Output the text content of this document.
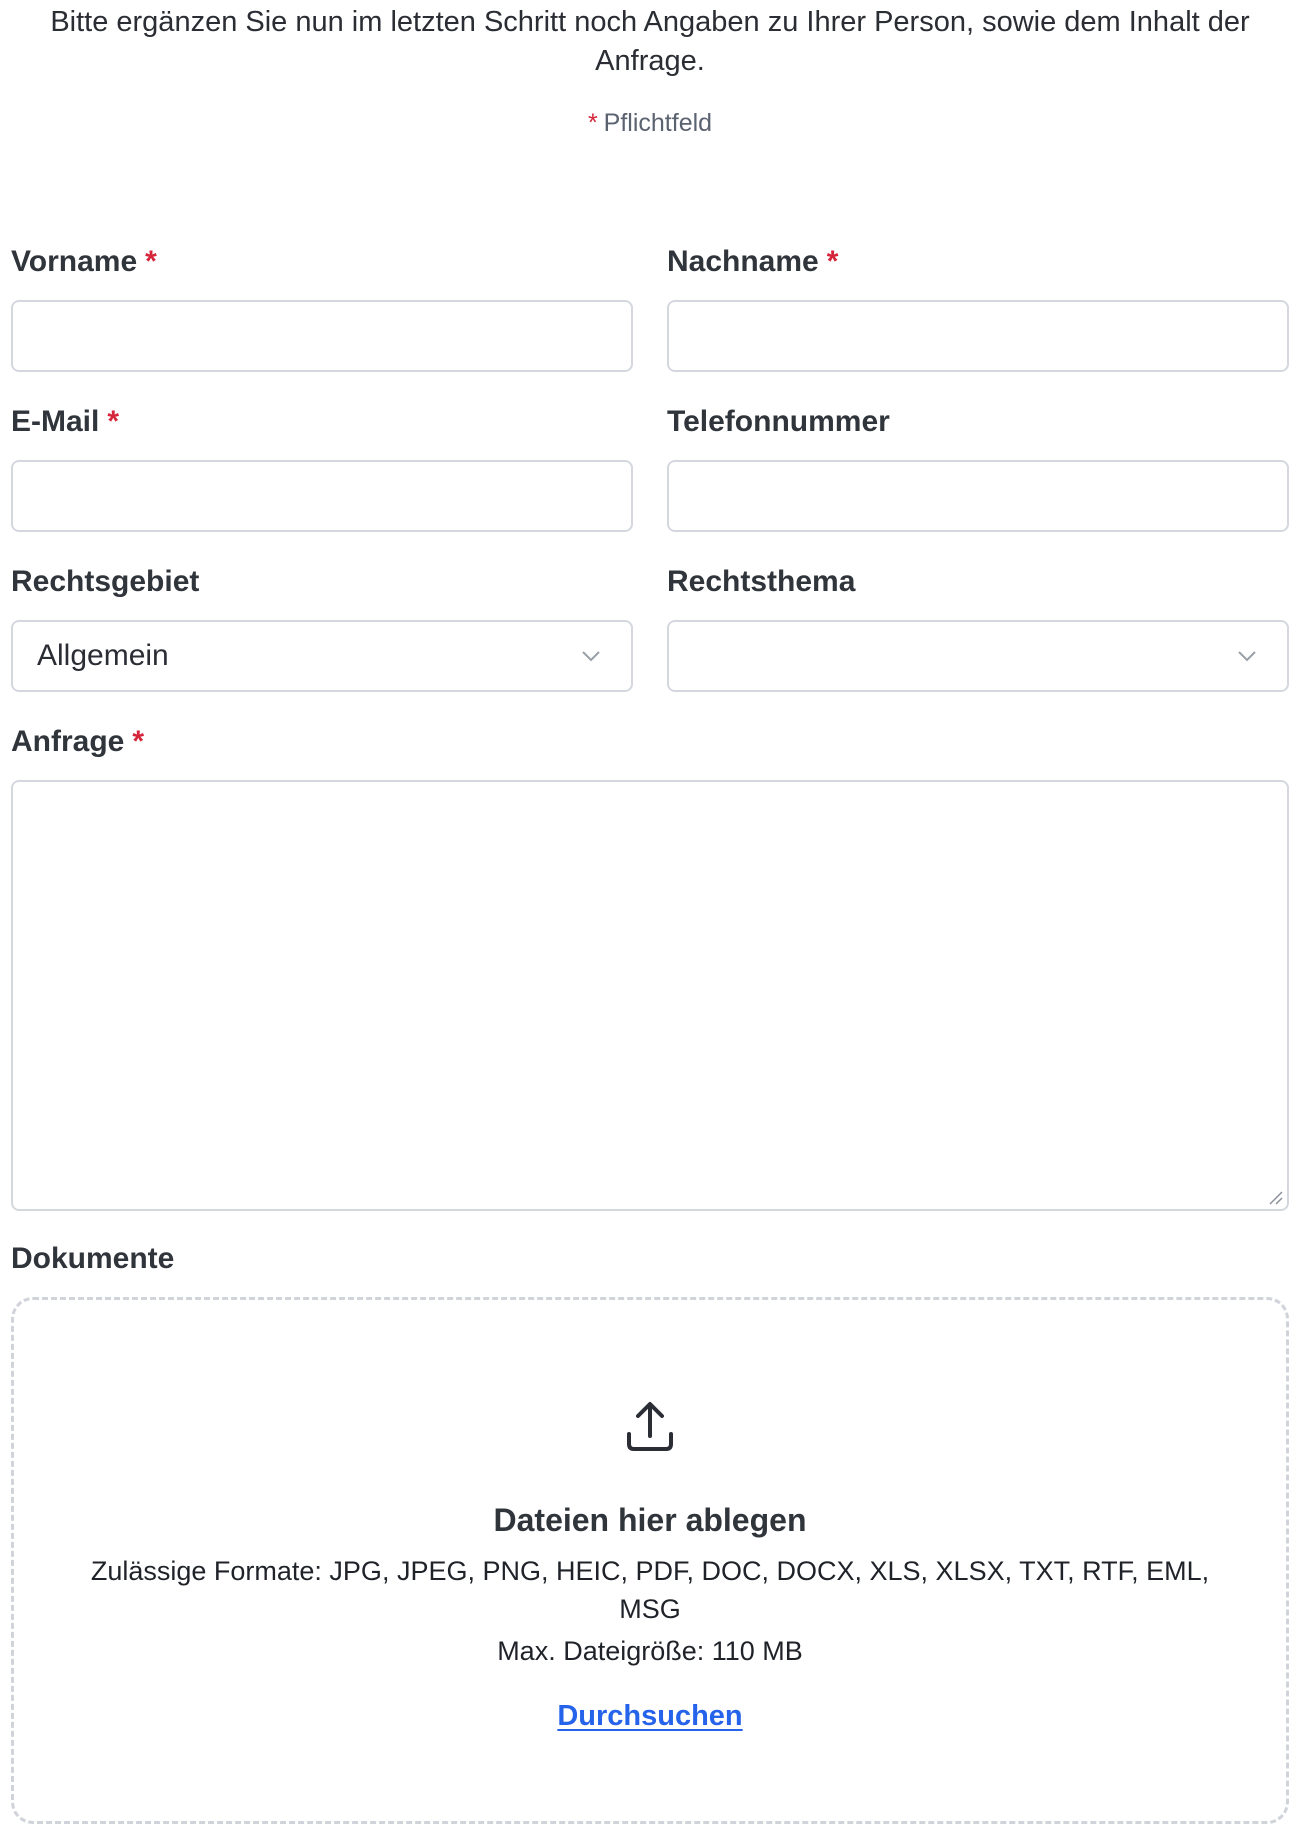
Bitte ergänzen Sie nun im letzten Schritt noch Angaben zu Ihrer Person, sowie dem Inhalt der Anfrage.

* Pflichtfeld

Vorname *	Nachname *
E-Mail *	Telefonnummer
Rechtsgebiet
Allgemein
Rechtsthema
Anfrage *
Dokumente
Dateien hier ablegen
Zulässige Formate: JPG, JPEG, PNG, HEIC, PDF, DOC, DOCX, XLS, XLSX, TXT, RTF, EML, MSG
Max. Dateigröße: 110 MB
Durchsuchen
